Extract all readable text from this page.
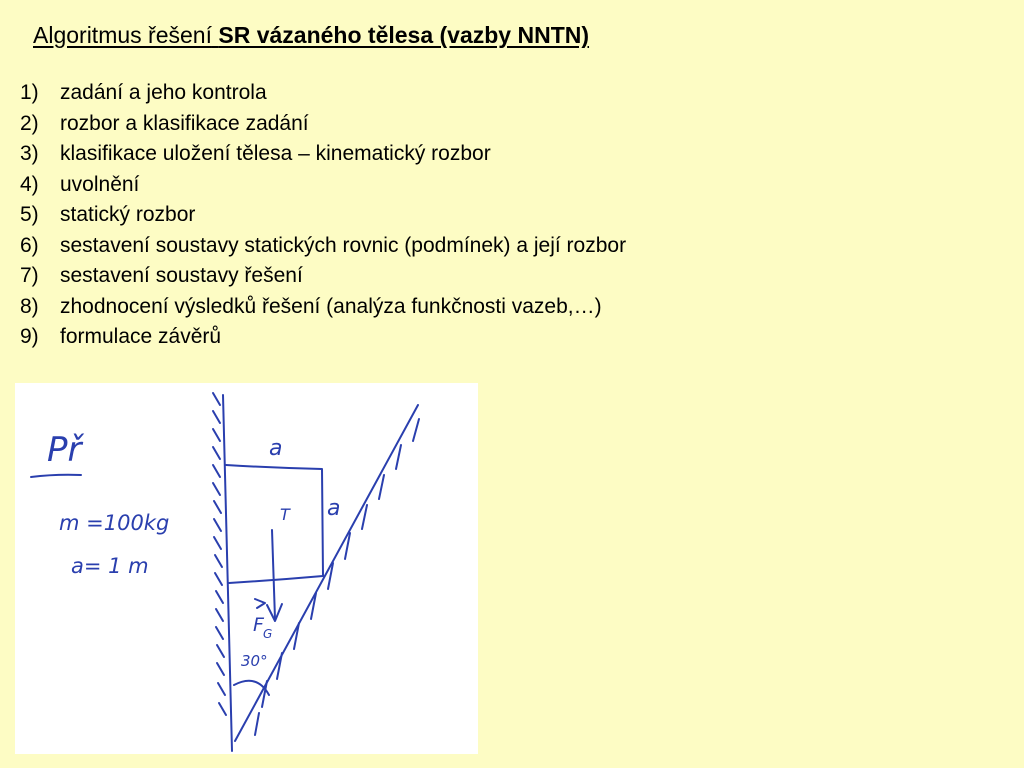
Algoritmus řešení SR vázaného tělesa (vazby NNTN)
1) zadání a jeho kontrola
2) rozbor a klasifikace zadání
3) klasifikace uložení tělesa – kinematický rozbor
4) uvolnění
5) statický rozbor
6) sestavení soustavy statických rovnic (podmínek) a její rozbor
7) sestavení soustavy řešení
8) zhodnocení výsledků řešení (analýza funkčnosti vazeb,…)
9) formulace závěrů
Př
m =100kg
a= 1 m
a
a
T
F G
30°
